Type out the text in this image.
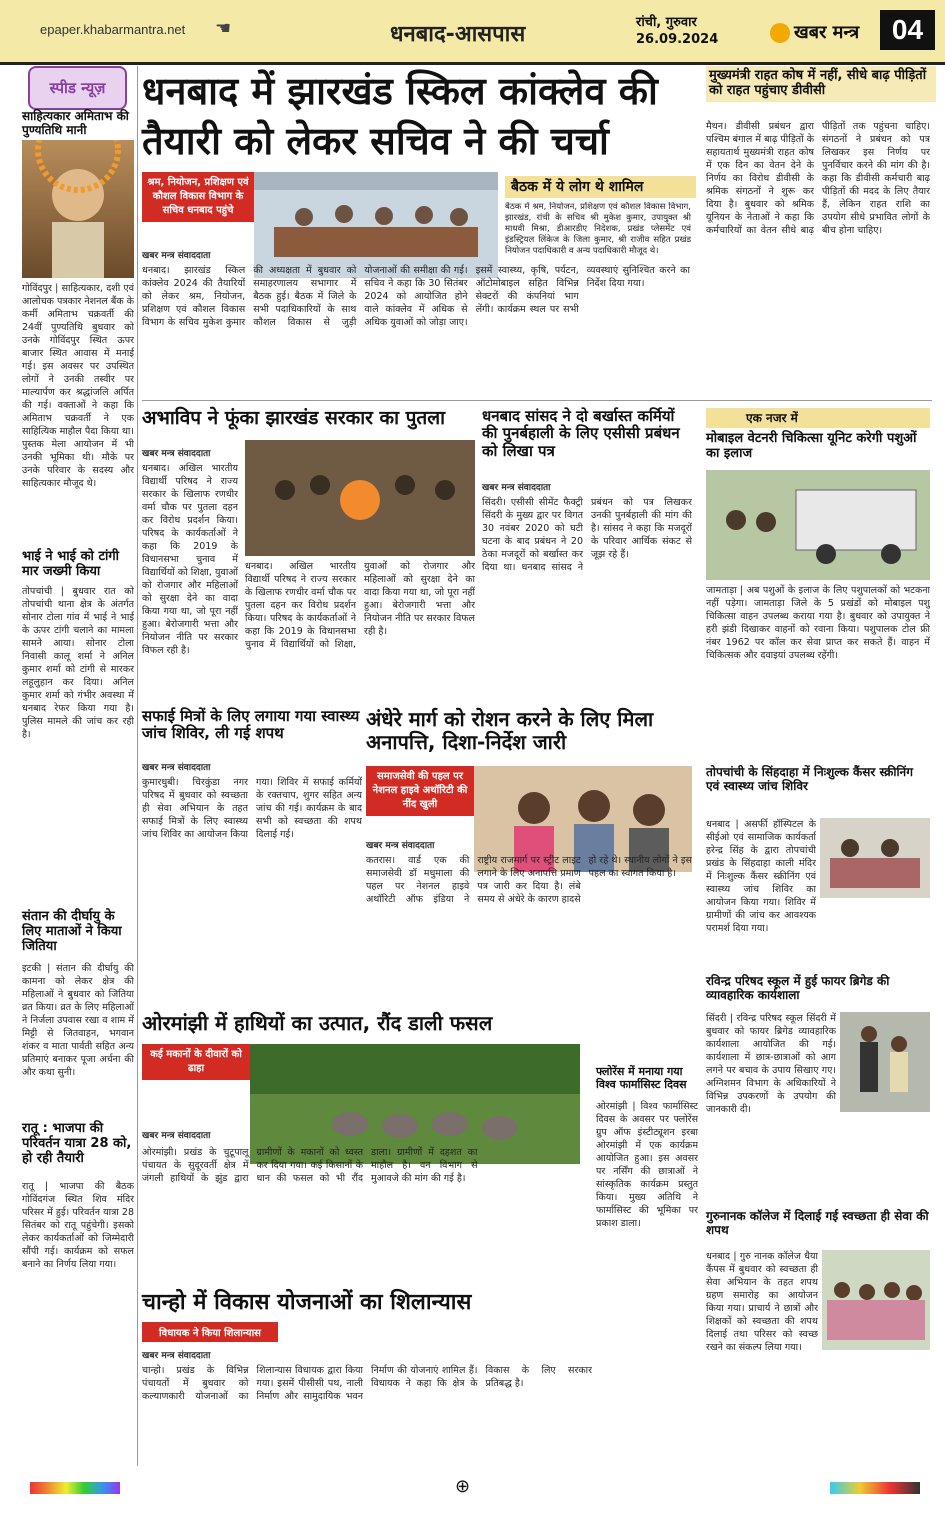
epaper.khabarmantra.net ☚	धनबाद-आसपास	रांची, गुरुवार
26.09.2024	खबर मन्त्र	04
स्पीड न्यूज़
साहित्यकार अमिताभ की पुण्यतिथि मानी
गोविंदपुर | साहित्यकार, दशी एवं आलोचक पत्रकार नेशनल बैंक के कर्मी अमिताभ चक्रवर्ती की 24वीं पुण्यतिथि बुधवार को उनके गोविंदपुर स्थित ऊपर बाजार स्थित आवास में मनाई गई। इस अवसर पर उपस्थित लोगों ने उनकी तस्वीर पर माल्यार्पण कर श्रद्धांजलि अर्पित की गई। वक्ताओं ने कहा कि अमिताभ चक्रवर्ती ने एक साहित्यिक माहौल पैदा किया था। पुस्तक मेला आयोजन में भी उनकी भूमिका थी। मौके पर उनके परिवार के सदस्य और साहित्यकार मौजूद थे।
भाई ने भाई को टांगी मार जख्मी किया
तोपचांची | बुधवार रात को तोपचांची थाना क्षेत्र के अंतर्गत सोनार टोला गांव में भाई ने भाई के ऊपर टांगी चलाने का मामला सामने आया। सोनार टोला निवासी कालू शर्मा ने अनिल कुमार शर्मा को टांगी से मारकर लहूलुहान कर दिया। अनिल कुमार शर्मा को गंभीर अवस्था में धनबाद रेफर किया गया है। पुलिस मामले की जांच कर रही है।
संतान की दीर्घायु के लिए माताओं ने किया जितिया
इटकी | संतान की दीर्घायु की कामना को लेकर क्षेत्र की महिलाओं ने बुधवार को जितिया व्रत किया। व्रत के लिए महिलाओं ने निर्जला उपवास रखा व शाम में मिट्टी से जितवाहन, भगवान शंकर व माता पार्वती सहित अन्य प्रतिमाएं बनाकर पूजा अर्चना की और कथा सुनी।
रातू : भाजपा की परिवर्तन यात्रा 28 को, हो रही तैयारी
रातू | भाजपा की बैठक गोविंदगंज स्थित शिव मंदिर परिसर में हुई। परिवर्तन यात्रा 28 सितंबर को रातू पहुंचेगी। इसको लेकर कार्यकर्ताओं को जिम्मेदारी सौंपी गई। कार्यक्रम को सफल बनाने का निर्णय लिया गया।
धनबाद में झारखंड स्किल कांक्लेव की तैयारी को लेकर सचिव ने की चर्चा
श्रम, नियोजन, प्रशिक्षण एवं कौशल विकास विभाग के सचिव धनबाद पहुंचे
खबर मन्त्र संवाददाता
बैठक में ये लोग थे शामिल
बैठक में श्रम, नियोजन, प्रशिक्षण एवं कौशल विकास विभाग, झारखंड, रांची के सचिव श्री मुकेश कुमार, उपायुक्त श्री माधवी मिश्रा, डीआरडीए निदेशक, प्रखंड प्लेसमेंट एवं इंडस्ट्रियल लिंकेज के जिला कुमार, श्री राजीव सहित प्रखंड नियोजन पदाधिकारी व अन्य पदाधिकारी मौजूद थे।
धनबाद। झारखंड स्किल कांक्लेव 2024 की तैयारियों को लेकर श्रम, नियोजन, प्रशिक्षण एवं कौशल विकास विभाग के सचिव मुकेश कुमार की अध्यक्षता में बुधवार को समाहरणालय सभागार में बैठक हुई। बैठक में जिले के सभी पदाधिकारियों के साथ कौशल विकास से जुड़ी योजनाओं की समीक्षा की गई। सचिव ने कहा कि 30 सितंबर 2024 को आयोजित होने वाले कांक्लेव में अधिक से अधिक युवाओं को जोड़ा जाए। इसमें स्वास्थ्य, कृषि, पर्यटन, ऑटोमोबाइल सहित विभिन्न सेक्टरों की कंपनियां भाग लेंगी। कार्यक्रम स्थल पर सभी व्यवस्थाएं सुनिश्चित करने का निर्देश दिया गया।
मुख्यमंत्री राहत कोष में नहीं, सीधे बाढ़ पीड़ितों को राहत पहुंचाए डीवीसी
मैथन। डीवीसी प्रबंधन द्वारा पश्चिम बंगाल में बाढ़ पीड़ितों के सहायतार्थ मुख्यमंत्री राहत कोष में एक दिन का वेतन देने के निर्णय का विरोध डीवीसी के श्रमिक संगठनों ने शुरू कर दिया है। बुधवार को श्रमिक यूनियन के नेताओं ने कहा कि कर्मचारियों का वेतन सीधे बाढ़ पीड़ितों तक पहुंचना चाहिए। संगठनों ने प्रबंधन को पत्र लिखकर इस निर्णय पर पुनर्विचार करने की मांग की है। कहा कि डीवीसी कर्मचारी बाढ़ पीड़ितों की मदद के लिए तैयार हैं, लेकिन राहत राशि का उपयोग सीधे प्रभावित लोगों के बीच होना चाहिए।
अभाविप ने फूंका झारखंड सरकार का पुतला
खबर मन्त्र संवाददाता
धनबाद। अखिल भारतीय विद्यार्थी परिषद ने राज्य सरकार के खिलाफ रणधीर वर्मा चौक पर पुतला दहन कर विरोध प्रदर्शन किया। परिषद के कार्यकर्ताओं ने कहा कि 2019 के विधानसभा चुनाव में विद्यार्थियों को शिक्षा, युवाओं को रोजगार और महिलाओं को सुरक्षा देने का वादा किया गया था, जो पूरा नहीं हुआ। बेरोजगारी भत्ता और नियोजन नीति पर सरकार विफल रही है।
धनबाद। अखिल भारतीय विद्यार्थी परिषद ने राज्य सरकार के खिलाफ रणधीर वर्मा चौक पर पुतला दहन कर विरोध प्रदर्शन किया। परिषद के कार्यकर्ताओं ने कहा कि 2019 के विधानसभा चुनाव में विद्यार्थियों को शिक्षा, युवाओं को रोजगार और महिलाओं को सुरक्षा देने का वादा किया गया था, जो पूरा नहीं हुआ। बेरोजगारी भत्ता और नियोजन नीति पर सरकार विफल रही है।
धनबाद सांसद ने दो बर्खास्त कर्मियों की पुनर्बहाली के लिए एसीसी प्रबंधन को लिखा पत्र
खबर मन्त्र संवाददाता
सिंदरी। एसीसी सीमेंट फैक्ट्री सिंदरी के मुख्य द्वार पर विगत 30 नवंबर 2020 को घटी घटना के बाद प्रबंधन ने 20 ठेका मजदूरों को बर्खास्त कर दिया था। धनबाद सांसद ने प्रबंधन को पत्र लिखकर उनकी पुनर्बहाली की मांग की है। सांसद ने कहा कि मजदूरों के परिवार आर्थिक संकट से जूझ रहे हैं।
एक नजर में
मोबाइल वेटनरी चिकित्सा यूनिट करेगी पशुओं का इलाज
जामताड़ा | अब पशुओं के इलाज के लिए पशुपालकों को भटकना नहीं पड़ेगा। जामताड़ा जिले के 5 प्रखंडों को मोबाइल पशु चिकित्सा वाहन उपलब्ध कराया गया है। बुधवार को उपायुक्त ने हरी झंडी दिखाकर वाहनों को रवाना किया। पशुपालक टोल फ्री नंबर 1962 पर कॉल कर सेवा प्राप्त कर सकते हैं। वाहन में चिकित्सक और दवाइयां उपलब्ध रहेंगी।
सफाई मित्रों के लिए लगाया गया स्वास्थ्य जांच शिविर, ली गई शपथ
खबर मन्त्र संवाददाता
कुमारधुबी। चिरकुंडा नगर परिषद में बुधवार को स्वच्छता ही सेवा अभियान के तहत सफाई मित्रों के लिए स्वास्थ्य जांच शिविर का आयोजन किया गया। शिविर में सफाई कर्मियों के रक्तचाप, शुगर सहित अन्य जांच की गई। कार्यक्रम के बाद सभी को स्वच्छता की शपथ दिलाई गई।
अंधेरे मार्ग को रोशन करने के लिए मिला अनापत्ति, दिशा-निर्देश जारी
समाजसेवी की पहल पर नेशनल हाइवे अथॉरिटी की नींद खुली
खबर मन्त्र संवाददाता
कतरास। वार्ड एक की समाजसेवी डॉ मधुमाला की पहल पर नेशनल हाइवे अथॉरिटी ऑफ इंडिया ने राष्ट्रीय राजमार्ग पर स्ट्रीट लाइट लगाने के लिए अनापत्ति प्रमाण पत्र जारी कर दिया है। लंबे समय से अंधेरे के कारण हादसे हो रहे थे। स्थानीय लोगों ने इस पहल का स्वागत किया है।
तोपचांची के सिंहदाहा में निःशुल्क कैंसर स्क्रीनिंग एवं स्वास्थ्य जांच शिविर
धनबाद | असर्फी हॉस्पिटल के सीईओ एवं सामाजिक कार्यकर्ता हरेन्द्र सिंह के द्वारा तोपचांची प्रखंड के सिंहदाहा काली मंदिर में निःशुल्क कैंसर स्क्रीनिंग एवं स्वास्थ्य जांच शिविर का आयोजन किया गया। शिविर में ग्रामीणों की जांच कर आवश्यक परामर्श दिया गया।
रविन्द्र परिषद स्कूल में हुई फायर ब्रिगेड की व्यावहारिक कार्यशाला
सिंदरी | रविन्द्र परिषद स्कूल सिंदरी में बुधवार को फायर ब्रिगेड व्यावहारिक कार्यशाला आयोजित की गई। कार्यशाला में छात्र-छात्राओं को आग लगने पर बचाव के उपाय सिखाए गए। अग्निशमन विभाग के अधिकारियों ने विभिन्न उपकरणों के उपयोग की जानकारी दी।
गुरुनानक कॉलेज में दिलाई गई स्वच्छता ही सेवा की शपथ
धनबाद | गुरु नानक कॉलेज धैया कैंपस में बुधवार को स्वच्छता ही सेवा अभियान के तहत शपथ ग्रहण समारोह का आयोजन किया गया। प्राचार्य ने छात्रों और शिक्षकों को स्वच्छता की शपथ दिलाई तथा परिसर को स्वच्छ रखने का संकल्प लिया गया।
ओरमांझी में हाथियों का उत्पात, रौंद डाली फसल
कई मकानों के दीवारों को ढाहा
खबर मन्त्र संवाददाता
ओरमांझी। प्रखंड के चुटूपालू पंचायत के सुदूरवर्ती क्षेत्र में जंगली हाथियों के झुंड द्वारा ग्रामीणों के मकानों को ध्वस्त कर दिया गया। कई किसानों के धान की फसल को भी रौंद डाला। ग्रामीणों में दहशत का माहौल है। वन विभाग से मुआवजे की मांग की गई है।
फ्लोरेंस में मनाया गया विश्व फार्मासिस्ट दिवस
ओरमांझी | विश्व फार्मासिस्ट दिवस के अवसर पर फ्लोरेंस ग्रुप ऑफ इंस्टीट्यूशन इरबा ओरमांझी में एक कार्यक्रम आयोजित हुआ। इस अवसर पर नर्सिंग की छात्राओं ने सांस्कृतिक कार्यक्रम प्रस्तुत किया। मुख्य अतिथि ने फार्मासिस्ट की भूमिका पर प्रकाश डाला।
चान्हो में विकास योजनाओं का शिलान्यास
विधायक ने किया शिलान्यास
खबर मन्त्र संवाददाता
चान्हो। प्रखंड के विभिन्न पंचायतों में बुधवार को कल्याणकारी योजनाओं का शिलान्यास विधायक द्वारा किया गया। इसमें पीसीसी पथ, नाली निर्माण और सामुदायिक भवन निर्माण की योजनाएं शामिल हैं। विधायक ने कहा कि क्षेत्र के विकास के लिए सरकार प्रतिबद्ध है।
⊕
